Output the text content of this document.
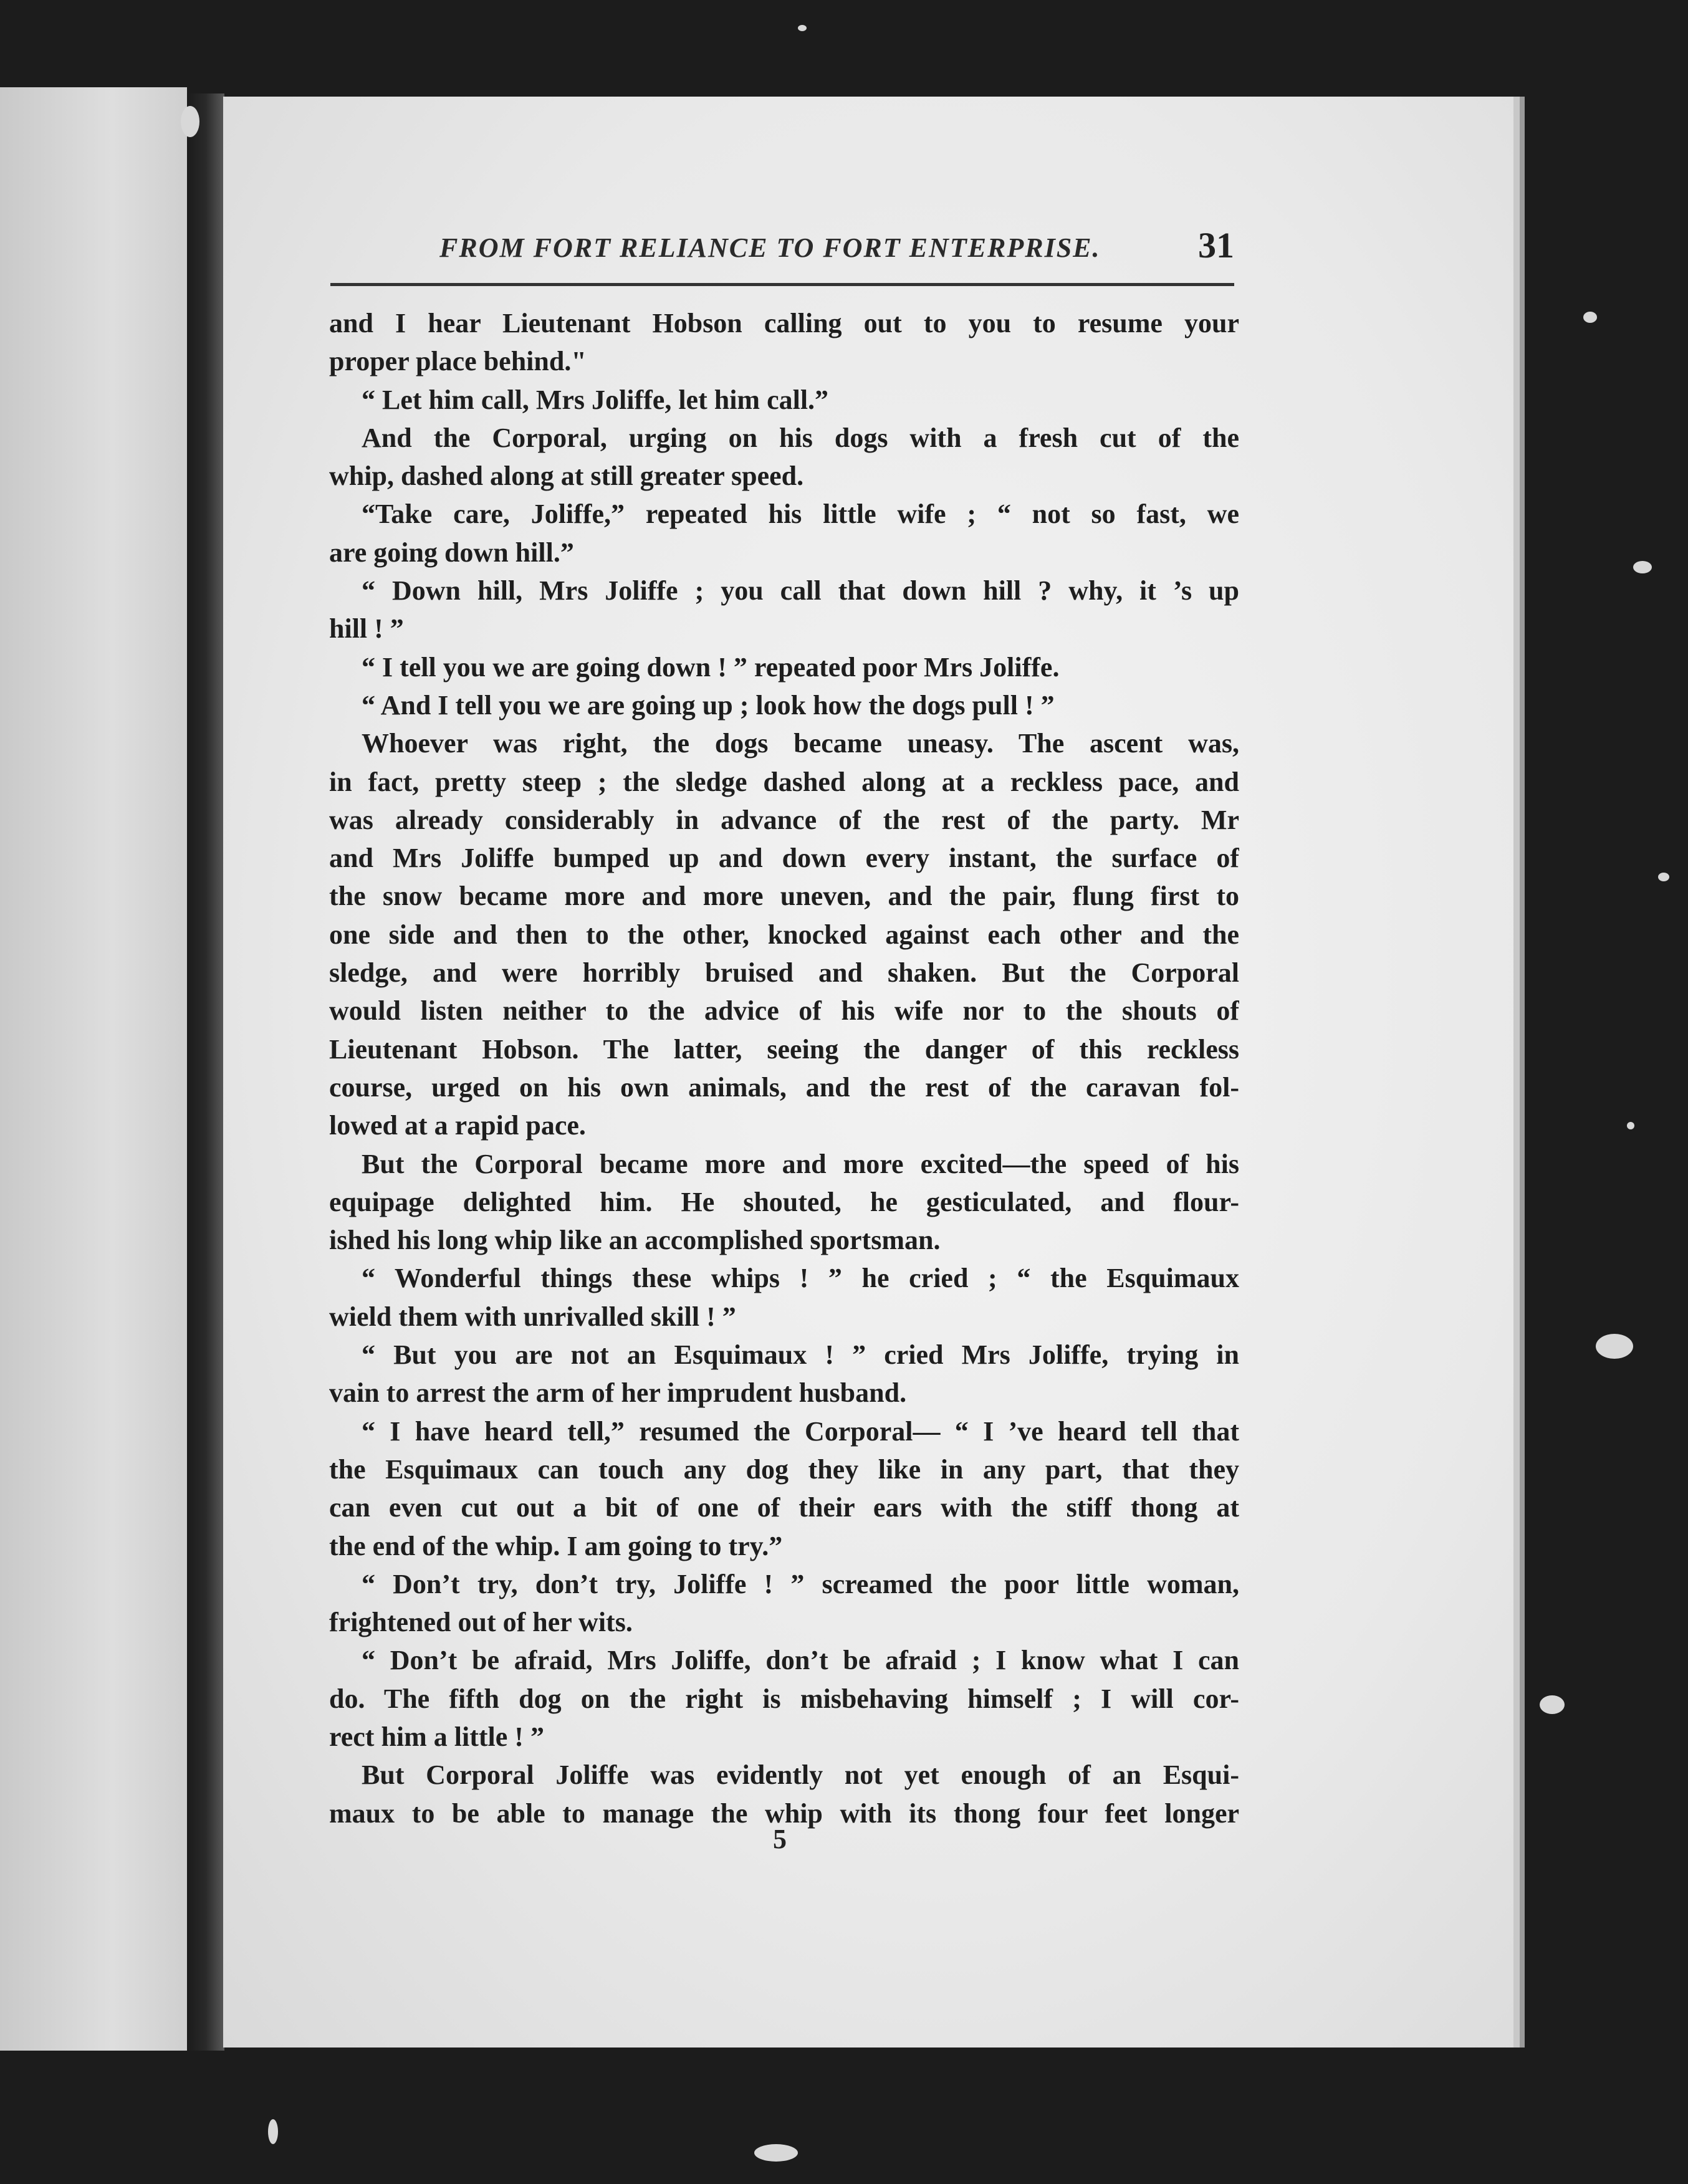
FROM FORT RELIANCE TO FORT ENTERPRISE.	31
and I hear Lieutenant Hobson calling out to you to resume your
proper place behind."
“ Let him call, Mrs Joliffe, let him call.”
And the Corporal, urging on his dogs with a fresh cut of the
whip, dashed along at still greater speed.
“Take care, Joliffe,” repeated his little wife ; “ not so fast, we
are going down hill.”
“ Down hill, Mrs Joliffe ; you call that down hill ? why, it ’s up
hill ! ”
“ I tell you we are going down ! ” repeated poor Mrs Joliffe.
“ And I tell you we are going up ; look how the dogs pull ! ”
Whoever was right, the dogs became uneasy. The ascent was,
in fact, pretty steep ; the sledge dashed along at a reckless pace, and
was already considerably in advance of the rest of the party. Mr
and Mrs Joliffe bumped up and down every instant, the surface of
the snow became more and more uneven, and the pair, flung first to
one side and then to the other, knocked against each other and the
sledge, and were horribly bruised and shaken. But the Corporal
would listen neither to the advice of his wife nor to the shouts of
Lieutenant Hobson. The latter, seeing the danger of this reckless
course, urged on his own animals, and the rest of the caravan fol-
lowed at a rapid pace.
But the Corporal became more and more excited—the speed of his
equipage delighted him. He shouted, he gesticulated, and flour-
ished his long whip like an accomplished sportsman.
“ Wonderful things these whips ! ” he cried ; “ the Esquimaux
wield them with unrivalled skill ! ”
“ But you are not an Esquimaux ! ” cried Mrs Joliffe, trying in
vain to arrest the arm of her imprudent husband.
“ I have heard tell,” resumed the Corporal— “ I ’ve heard tell that
the Esquimaux can touch any dog they like in any part, that they
can even cut out a bit of one of their ears with the stiff thong at
the end of the whip. I am going to try.”
“ Don’t try, don’t try, Joliffe ! ” screamed the poor little woman,
frightened out of her wits.
“ Don’t be afraid, Mrs Joliffe, don’t be afraid ; I know what I can
do. The fifth dog on the right is misbehaving himself ; I will cor-
rect him a little ! ”
But Corporal Joliffe was evidently not yet enough of an Esqui-
maux to be able to manage the whip with its thong four feet longer
5
